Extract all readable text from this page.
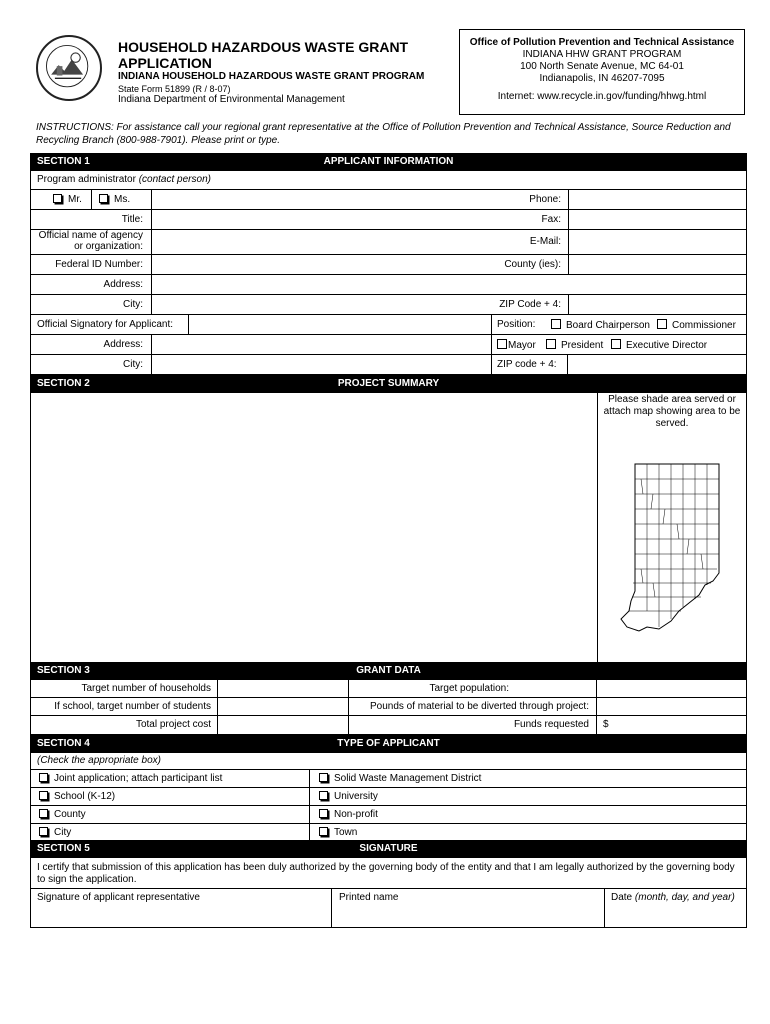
HOUSEHOLD HAZARDOUS WASTE GRANT APPLICATION
INDIANA HOUSEHOLD HAZARDOUS WASTE GRANT PROGRAM
State Form 51899 (R / 8-07)
Indiana Department of Environmental Management
Office of Pollution Prevention and Technical Assistance
INDIANA HHW GRANT PROGRAM
100 North Senate Avenue, MC 64-01
Indianapolis, IN 46207-7095
Internet: www.recycle.in.gov/funding/hhwg.html
INSTRUCTIONS: For assistance call your regional grant representative at the Office of Pollution Prevention and Technical Assistance, Source Reduction and Recycling Branch (800-988-7901). Please print or type.
SECTION 1	APPLICANT INFORMATION
Program administrator (contact person)
Mr.	Ms.	Phone:
Title:	Fax:
Official name of agency
or organization:	E-Mail:
Federal ID Number:	County (ies):
Address:
City:	ZIP Code + 4:
Official Signatory for Applicant:	Position:	Board Chairperson	Commissioner
Address:	Mayor	President	Executive Director
City:	ZIP code + 4:
SECTION 2	PROJECT SUMMARY
Please shade area served or attach map showing area to be served.
SECTION 3	GRANT DATA
Target number of households	Target population:
If school, target number of students	Pounds of material to be diverted through project:
Total project cost	Funds requested $
SECTION 4	TYPE OF APPLICANT
(Check the appropriate box)
Joint application; attach participant list	Solid Waste Management District
School (K-12)	University
County	Non-profit
City	Town
SECTION 5	SIGNATURE
I certify that submission of this application has been duly authorized by the governing body of the entity and that I am legally authorized by the governing body to sign the application.
Signature of applicant representative	Printed name	Date (month, day, and year)
